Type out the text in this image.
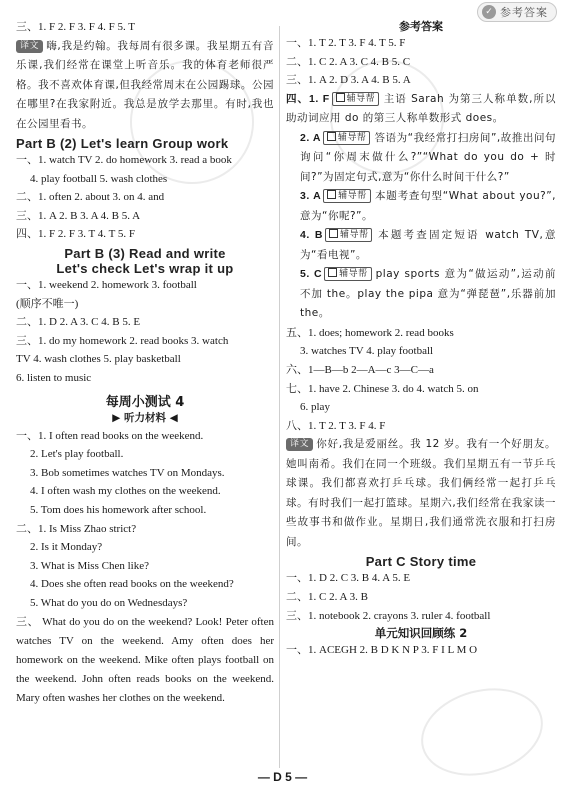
✓ 参考答案
三、1. F 2. F 3. F 4. F 5. T
译文 嗨,我是约翰。我每周有很多课。我星期五有音乐课,我们经常在课堂上听音乐。我的体育老师很严格。我不喜欢体育课,但我经常周末在公园踢球。公园在哪里?在我家附近。我总是放学去那里。有时,我也在公园里看书。
Part B (2) Let's learn Group work
一、1. watch TV 2. do homework 3. read a book
4. play football 5. wash clothes
二、1. often 2. about 3. on 4. and
三、1. A 2. B 3. A 4. B 5. A
四、1. F 2. F 3. T 4. T 5. F
Part B (3) Read and write
Let's check Let's wrap it up
一、1. weekend 2. homework 3. football
(顺序不唯一)
二、1. D 2. A 3. C 4. B 5. E
三、1. do my homework 2. read books 3. watch
TV 4. wash clothes 5. play basketball
6. listen to music
每周小测试 4
▶ 听力材料 ◀
一、1. I often read books on the weekend.
2. Let's play football.
3. Bob sometimes watches TV on Mondays.
4. I often wash my clothes on the weekend.
5. Tom does his homework after school.
二、1. Is Miss Zhao strict?
2. Is it Monday?
3. What is Miss Chen like?
4. Does she often read books on the weekend?
5. What do you do on Wednesdays?
三、 What do you do on the weekend? Look! Peter often watches TV on the weekend. Amy often does her homework on the weekend. Mike often plays football on the weekend. John often reads books on the weekend. Mary often washes her clothes on the weekend.
参考答案
一、1. T 2. T 3. F 4. T 5. F
二、1. C 2. A 3. C 4. B 5. C
三、1. A 2. D 3. A 4. B 5. A
四、1. F 辅导帮 主语 Sarah 为第三人称单数,所以助动词应用 do 的第三人称单数形式 does。
2. A 辅导帮 答语为“我经常打扫房间”,故推出问句询问“你周末做什么?”“What do you do + 时间?”为固定句式,意为“你什么时间干什么?”
3. A 辅导帮 本题考查句型“What about you?”,意为“你呢?”。
4. B 辅导帮 本题考查固定短语 watch TV,意为“看电视”。
5. C 辅导帮 play sports 意为“做运动”,运动前不加 the。play the pipa 意为“弹琵琶”,乐器前加 the。
五、1. does; homework 2. read books
3. watches TV 4. play football
六、1—B—b 2—A—c 3—C—a
七、1. have 2. Chinese 3. do 4. watch 5. on
6. play
八、1. T 2. T 3. F 4. F
译文 你好,我是爱丽丝。我 12 岁。我有一个好朋友。她叫南希。我们在同一个班级。我们星期五有一节乒乓球课。我们都喜欢打乒乓球。我们俩经常一起打乒乓球。有时我们一起打篮球。星期六,我们经常在我家读一些故事书和做作业。星期日,我们通常洗衣服和打扫房间。
Part C Story time
一、1. D 2. C 3. B 4. A 5. E
二、1. C 2. A 3. B
三、1. notebook 2. crayons 3. ruler 4. football
单元知识回顾练 2
一、1. ACEGH 2. B D K N P 3. F I L M O
— D 5 —
